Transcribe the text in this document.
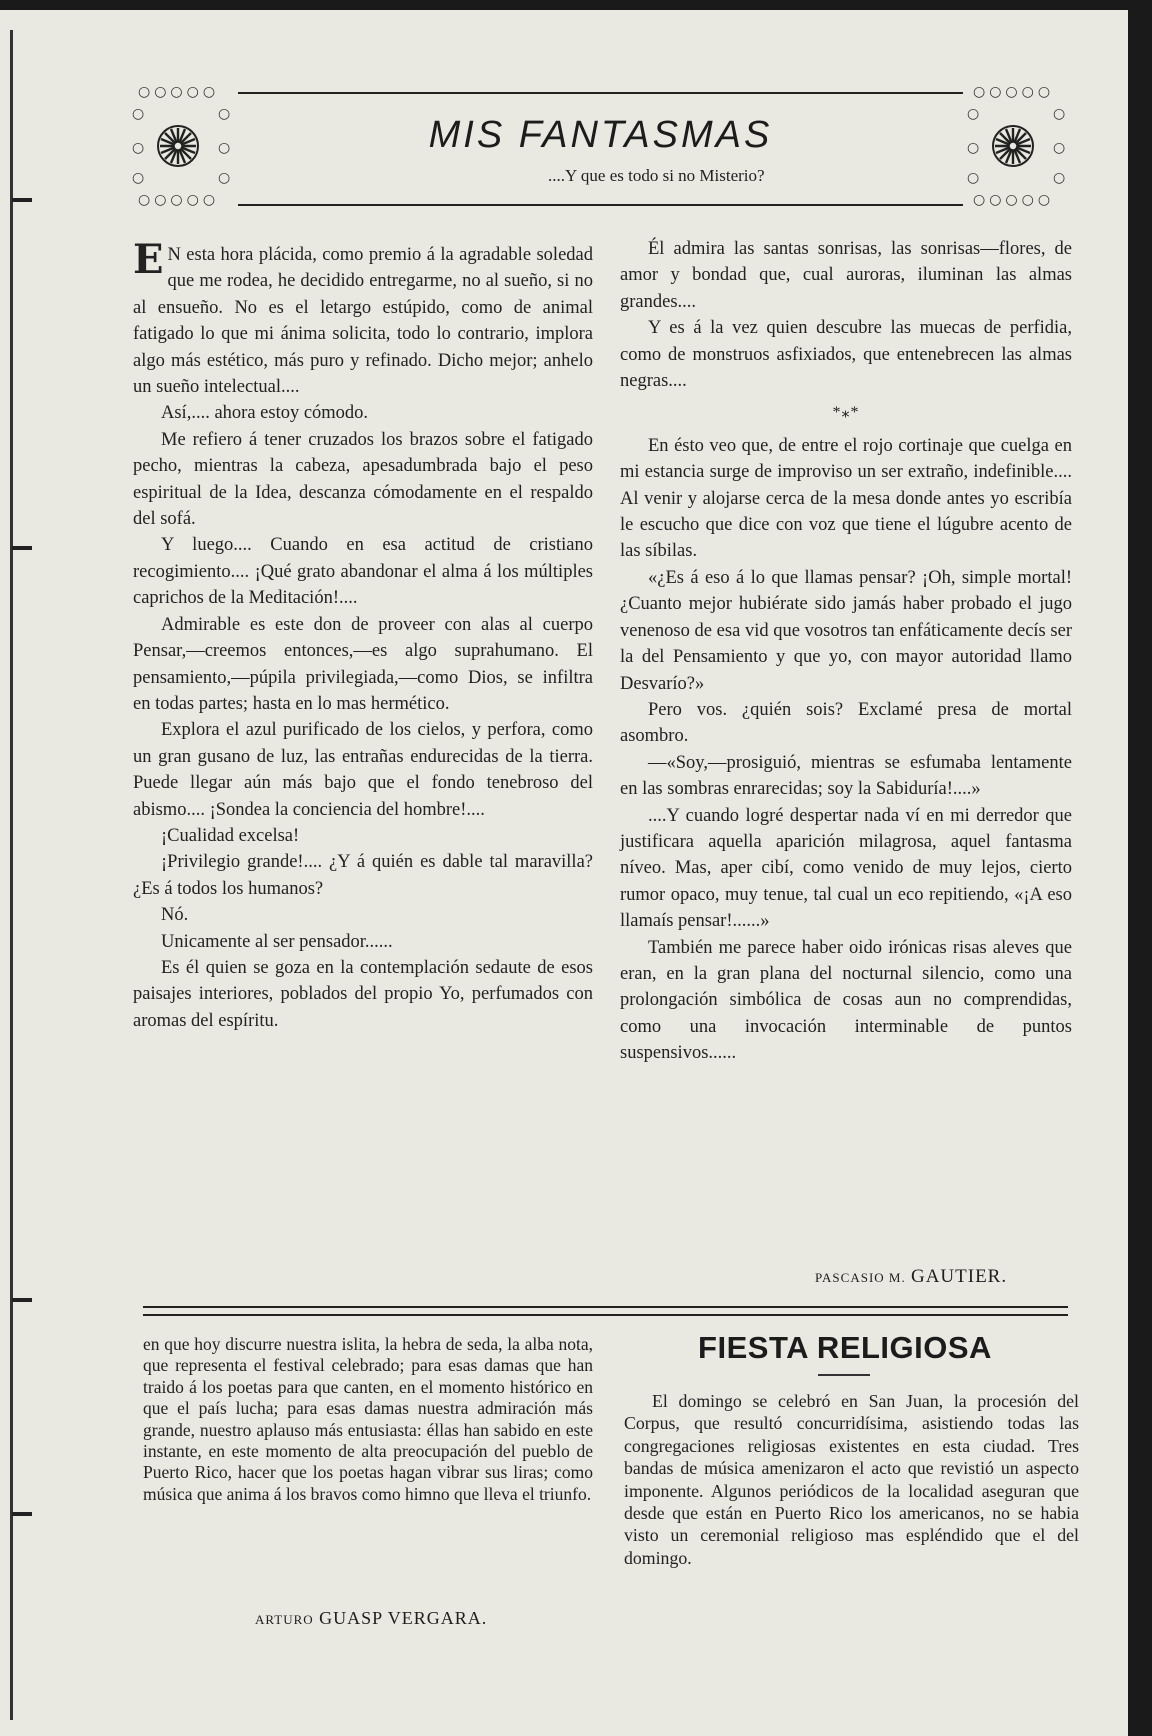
○○○○○
○
○
○
○
○
○
○○○○○
MIS FANTASMAS
....Y que es todo si no Misterio?
○○○○○
○
○
○
○
○
○
○○○○○

E N esta hora plácida, como premio á la agradable soledad que me rodea, he decidido entregarme, no al sueño, si no al ensueño. No es el letargo estúpido, como de animal fatigado lo que mi ánima solicita, todo lo contrario, implora algo más estético, más puro y refinado. Dicho mejor; anhelo un sueño intelectual....

Así,.... ahora estoy cómodo.

Me refiero á tener cruzados los brazos sobre el fatigado pecho, mientras la cabeza, apesadumbrada bajo el peso espiritual de la Idea, descanza cómodamente en el respaldo del sofá.

Y luego.... Cuando en esa actitud de cristiano recogimiento.... ¡Qué grato abandonar el alma á los múltiples caprichos de la Meditación!....

Admirable es este don de proveer con alas al cuerpo Pensar,—creemos entonces,—es algo suprahumano. El pensamiento,—púpila privilegiada,—como Dios, se infiltra en todas partes; hasta en lo mas hermético.

Explora el azul purificado de los cielos, y perfora, como un gran gusano de luz, las entrañas endurecidas de la tierra. Puede llegar aún más bajo que el fondo tenebroso del abismo.... ¡Sondea la conciencia del hombre!....

¡Cualidad excelsa!

¡Privilegio grande!.... ¿Y á quién es dable tal maravilla? ¿Es á todos los humanos?

Nó.

Unicamente al ser pensador......

Es él quien se goza en la contemplación sedaute de esos paisajes interiores, poblados del propio Yo, perfumados con aromas del espíritu.

Él admira las santas sonrisas, las sonrisas—flores, de amor y bondad que, cual auroras, iluminan las almas grandes....

Y es á la vez quien descubre las muecas de perfidia, como de monstruos asfixiados, que entenebrecen las almas negras....

*⁎*

En ésto veo que, de entre el rojo cortinaje que cuelga en mi estancia surge de improviso un ser extraño, indefinible.... Al venir y alojarse cerca de la mesa donde antes yo escribía le escucho que dice con voz que tiene el lúgubre acento de las síbilas.

«¿Es á eso á lo que llamas pensar? ¡Oh, simple mortal! ¿Cuanto mejor hubiérate sido jamás haber probado el jugo venenoso de esa vid que vosotros tan enfáticamente decís ser la del Pensamiento y que yo, con mayor autoridad llamo Desvarío?»

Pero vos. ¿quién sois? Exclamé presa de mortal asombro.

—«Soy,—prosiguió, mientras se esfumaba lentamente en las sombras enrarecidas; soy la Sabiduría!....»

....Y cuando logré despertar nada ví en mi derredor que justificara aquella aparición milagrosa, aquel fantasma níveo. Mas, aper cibí, como venido de muy lejos, cierto rumor opaco, muy tenue, tal cual un eco repitiendo, «¡A eso llamaís pensar!......»

También me parece haber oido irónicas risas aleves que eran, en la gran plana del nocturnal silencio, como una prolongación simbólica de cosas aun no comprendidas, como una invocación interminable de puntos suspensivos......

PASCASIO M. GAUTIER.

en que hoy discurre nuestra islita, la hebra de seda, la alba nota, que representa el festival celebrado; para esas damas que han traido á los poetas para que canten, en el momento histórico en que el país lucha; para esas damas nuestra admiración más grande, nuestro aplauso más entusiasta: éllas han sabido en este instante, en este momento de alta preocupación del pueblo de Puerto Rico, hacer que los poetas hagan vibrar sus liras; como música que anima á los bravos como himno que lleva el triunfo.

ARTURO GUASP VERGARA.
FIESTA RELIGIOSA

El domingo se celebró en San Juan, la procesión del Corpus, que resultó concurridísima, asistiendo todas las congregaciones religiosas existentes en esta ciudad. Tres bandas de música amenizaron el acto que revistió un aspecto imponente. Algunos periódicos de la localidad aseguran que desde que están en Puerto Rico los americanos, no se habia visto un ceremonial religioso mas espléndido que el del domingo.
